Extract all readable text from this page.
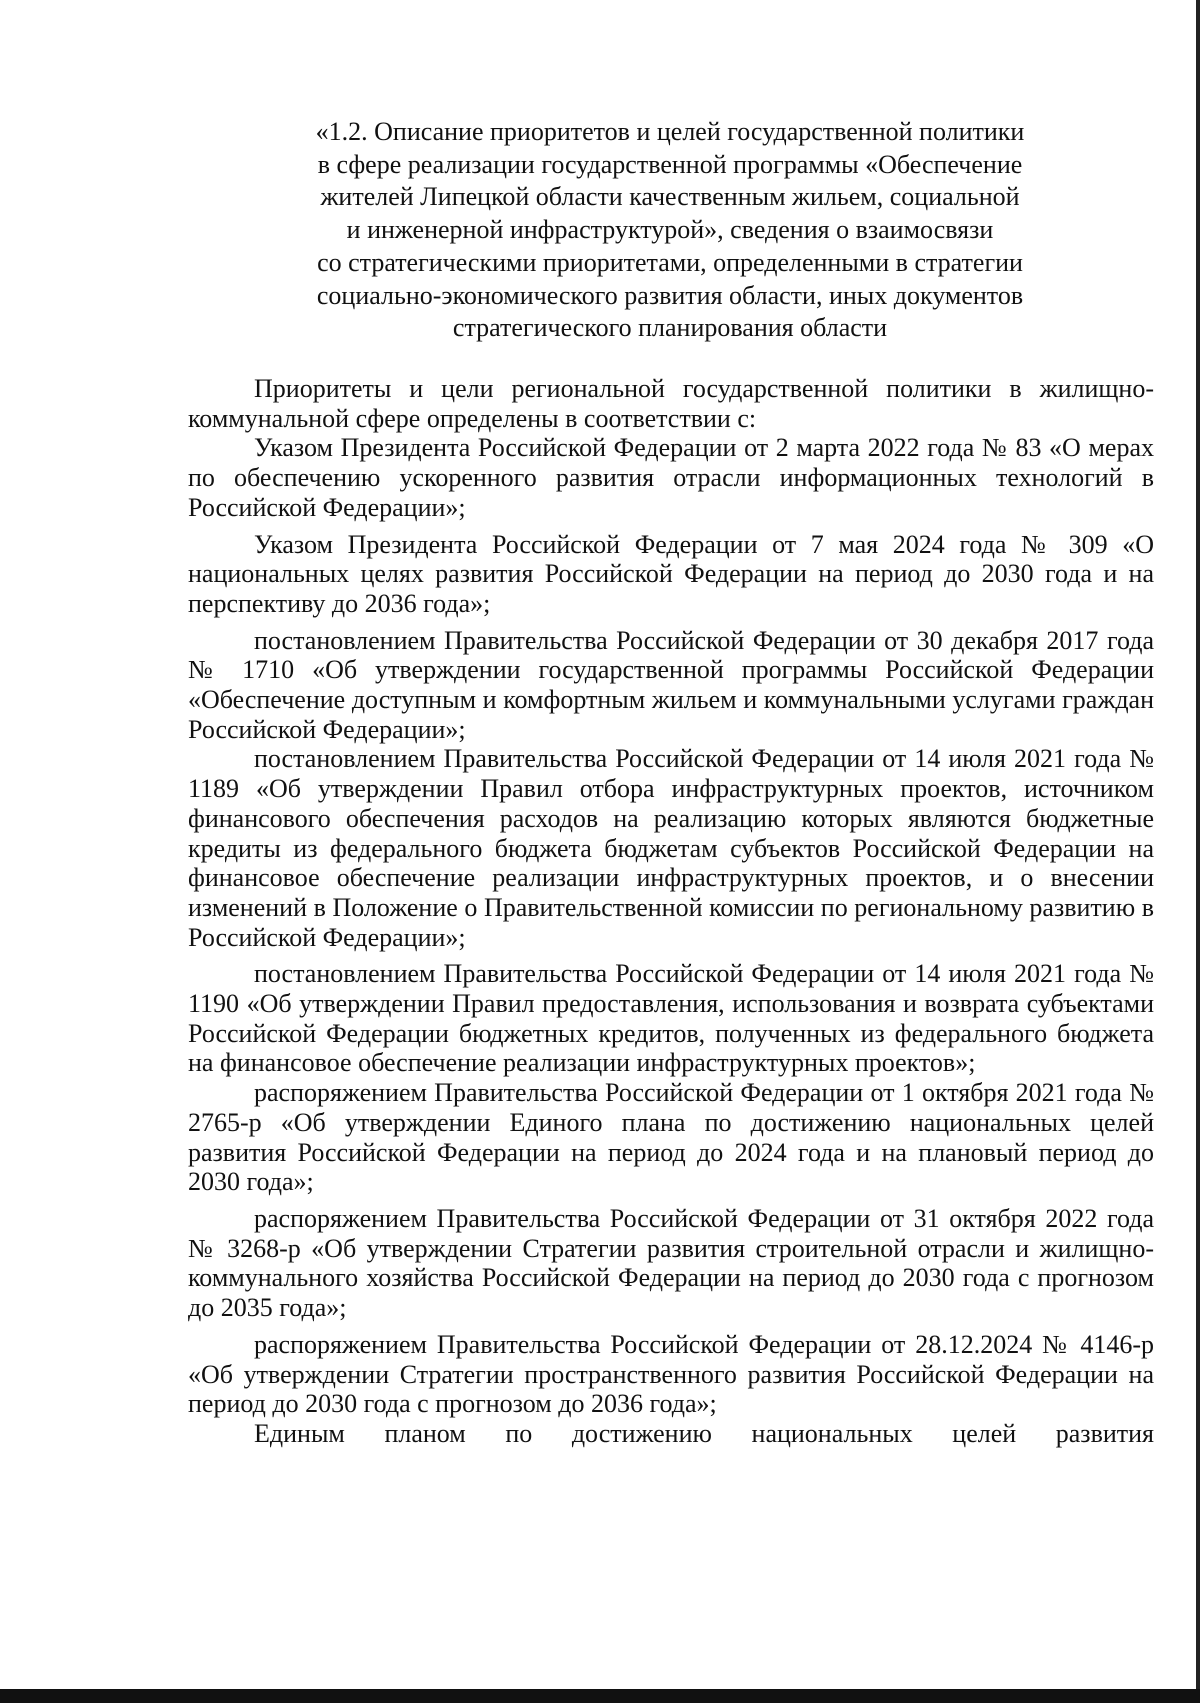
«1.2. Описание приоритетов и целей государственной политики
в сфере реализации государственной программы «Обеспечение
жителей Липецкой области качественным жильем, социальной
и инженерной инфраструктурой», сведения о взаимосвязи
со стратегическими приоритетами, определенными в стратегии
социально-экономического развития области, иных документов
стратегического планирования области

Приоритеты и цели региональной государственной политики в жилищно-коммунальной сфере определены в соответствии с:

Указом Президента Российской Федерации от 2 марта 2022 года № 83 «О мерах по обеспечению ускоренного развития отрасли информационных технологий в Российской Федерации»;

Указом Президента Российской Федерации от 7 мая 2024 года № 309 «О национальных целях развития Российской Федерации на период до 2030 года и на перспективу до 2036 года»;

постановлением Правительства Российской Федерации от 30 декабря 2017 года № 1710 «Об утверждении государственной программы Российской Федерации «Обеспечение доступным и комфортным жильем и коммунальными услугами граждан Российской Федерации»;

постановлением Правительства Российской Федерации от 14 июля 2021 года № 1189 «Об утверждении Правил отбора инфраструктурных проектов, источником финансового обеспечения расходов на реализацию которых являются бюджетные кредиты из федерального бюджета бюджетам субъектов Российской Федерации на финансовое обеспечение реализации инфраструктурных проектов, и о внесении изменений в Положение о Правительственной комиссии по региональному развитию в Российской Федерации»;

постановлением Правительства Российской Федерации от 14 июля 2021 года № 1190 «Об утверждении Правил предоставления, использования и возврата субъектами Российской Федерации бюджетных кредитов, полученных из федерального бюджета на финансовое обеспечение реализации инфраструктурных проектов»;

распоряжением Правительства Российской Федерации от 1 октября 2021 года № 2765-р «Об утверждении Единого плана по достижению национальных целей развития Российской Федерации на период до 2024 года и на плановый период до 2030 года»;

распоряжением Правительства Российской Федерации от 31 октября 2022 года № 3268-р «Об утверждении Стратегии развития строительной отрасли и жилищно-коммунального хозяйства Российской Федерации на период до 2030 года с прогнозом до 2035 года»;

распоряжением Правительства Российской Федерации от 28.12.2024 № 4146-р «Об утверждении Стратегии пространственного развития Российской Федерации на период до 2030 года с прогнозом до 2036 года»;

Единым планом по достижению национальных целей развития
